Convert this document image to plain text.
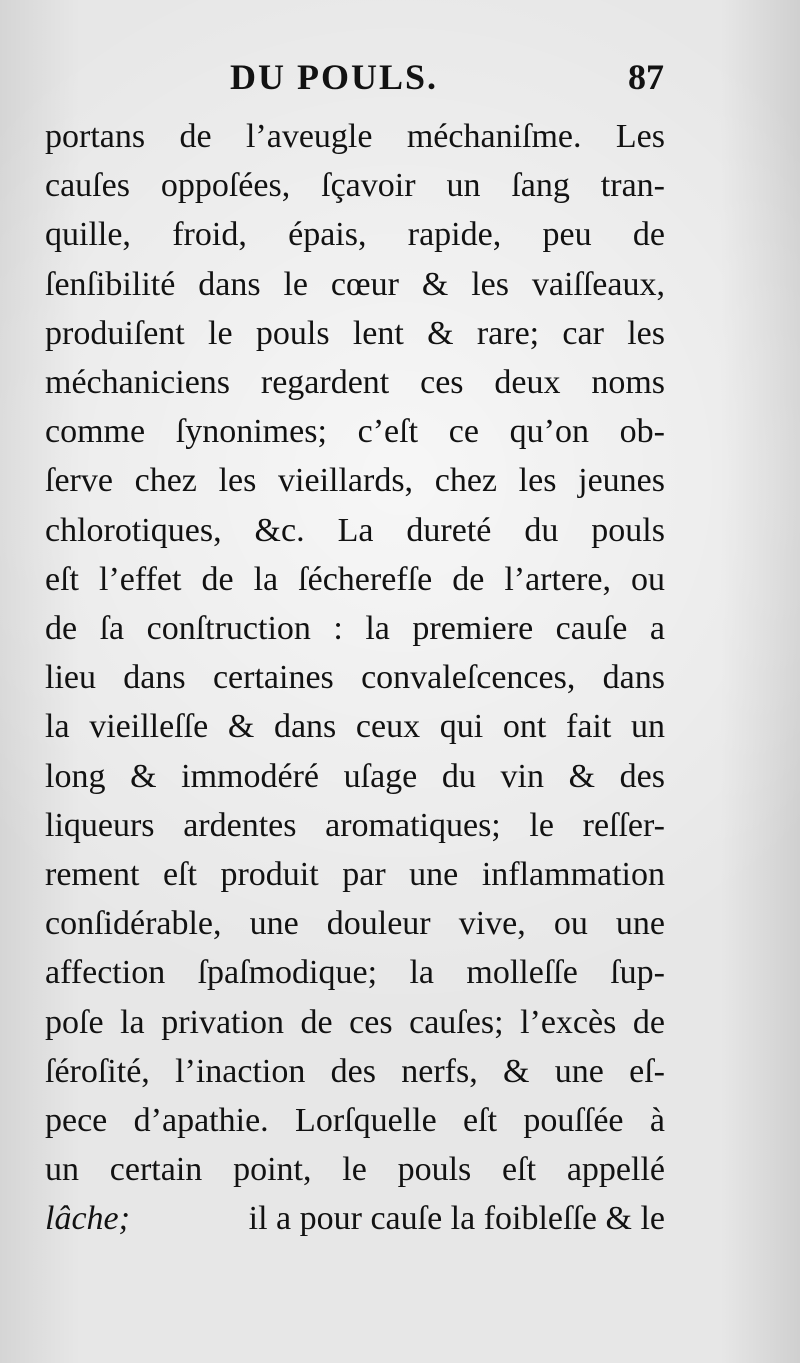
DU POULS.	87
portans de l’aveugle méchaniſme. Les
cauſes oppoſées, ſçavoir un ſang tran-
quille, froid, épais, rapide, peu de
ſenſibilité dans le cœur & les vaiſſeaux,
produiſent le pouls lent & rare; car les
méchaniciens regardent ces deux noms
comme ſynonimes; c’eſt ce qu’on ob-
ſerve chez les vieillards, chez les jeunes
chlorotiques, &c. La dureté du pouls
eſt l’effet de la ſécherefſe de l’artere, ou
de ſa conſtruction : la premiere cauſe a
lieu dans certaines convaleſcences, dans
la vieilleſſe & dans ceux qui ont fait un
long & immodéré uſage du vin & des
liqueurs ardentes aromatiques; le reſſer-
rement eſt produit par une inflammation
conſidérable, une douleur vive, ou une
affection ſpaſmodique; la molleſſe ſup-
poſe la privation de ces cauſes; l’excès de
ſéroſité, l’inaction des nerfs, & une eſ-
pece d’apathie. Lorſquelle eſt pouſſée à
un certain point, le pouls eſt appellé
lâche;	il a pour cauſe la foibleſſe & le
